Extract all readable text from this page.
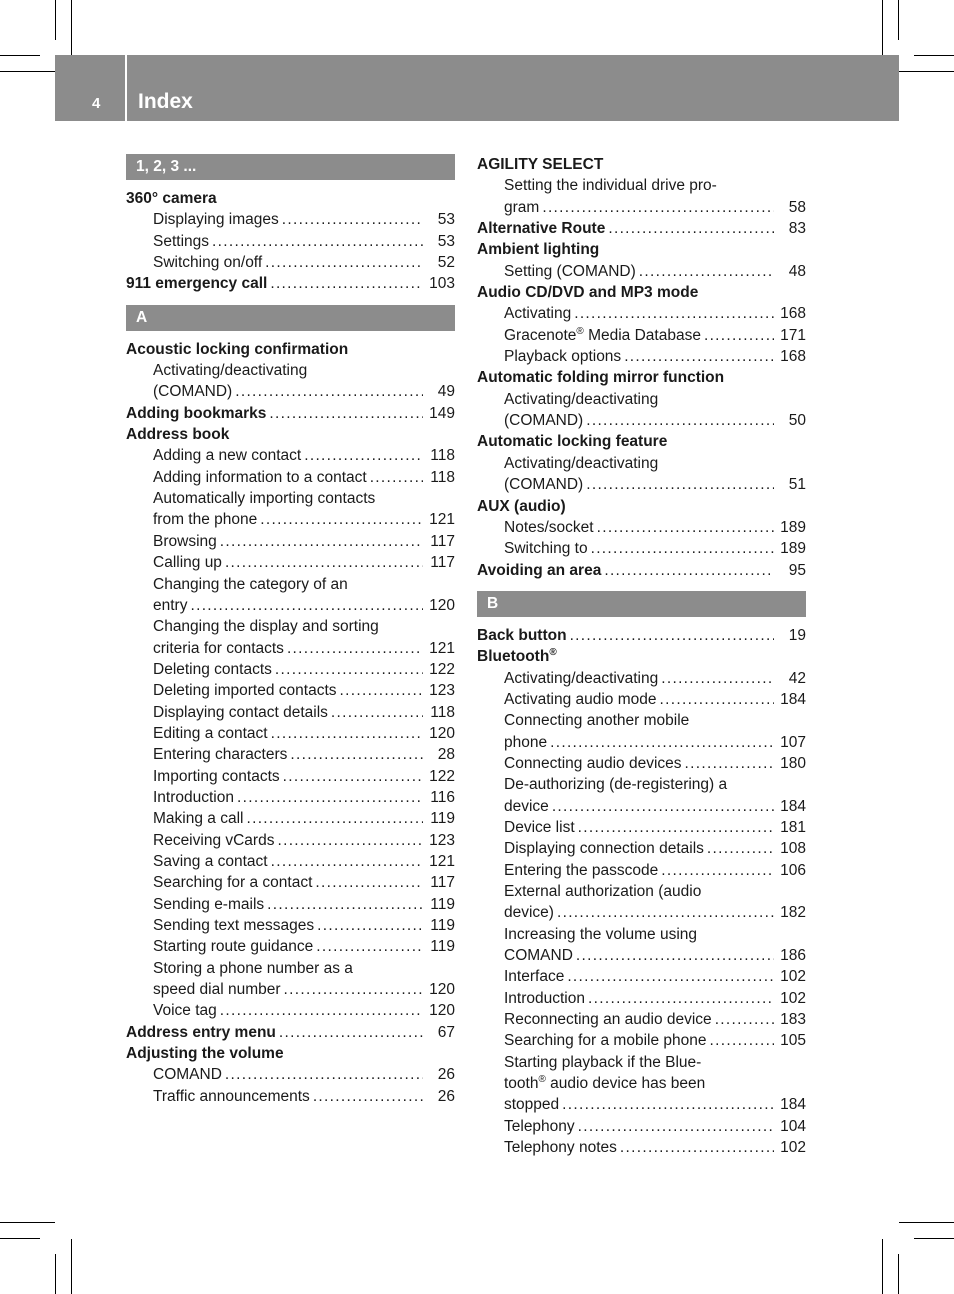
4 Index
1, 2, 3 ...
360° camera
Displaying images . . .	53
Settings . . .	53
Switching on/off . . .	52
911 emergency call . . .	103
A
Acoustic locking confirmation
Activating/deactivating
(COMAND) . . .	49
Adding bookmarks . . .	149
Address book
Adding a new contact . . .	118
Adding information to a contact . . .	118
Automatically importing contacts
from the phone . . .	121
Browsing . . .	117
Calling up . . .	117
Changing the category of an
entry . . .	120
Changing the display and sorting
criteria for contacts . . .	121
Deleting contacts . . .	122
Deleting imported contacts . . .	123
Displaying contact details . . .	118
Editing a contact . . .	120
Entering characters . . .	28
Importing contacts . . .	122
Introduction . . .	116
Making a call . . .	119
Receiving vCards . . .	123
Saving a contact . . .	121
Searching for a contact . . .	117
Sending e-mails . . .	119
Sending text messages . . .	119
Starting route guidance . . .	119
Storing a phone number as a
speed dial number . . .	120
Voice tag . . .	120
Address entry menu . . .	67
Adjusting the volume
COMAND . . .	26
Traffic announcements . . .	26
AGILITY SELECT
Setting the individual drive pro-
gram . . .	58
Alternative Route . . .	83
Ambient lighting
Setting (COMAND) . . .	48
Audio CD/DVD and MP3 mode
Activating . . .	168
Gracenote® Media Database . . .	171
Playback options . . .	168
Automatic folding mirror function
Activating/deactivating
(COMAND) . . .	50
Automatic locking feature
Activating/deactivating
(COMAND) . . .	51
AUX (audio)
Notes/socket . . .	189
Switching to . . .	189
Avoiding an area . . .	95
B
Back button . . .	19
Bluetooth®
Activating/deactivating . . .	42
Activating audio mode . . .	184
Connecting another mobile
phone . . .	107
Connecting audio devices . . .	180
De-authorizing (de-registering) a
device . . .	184
Device list . . .	181
Displaying connection details . . .	108
Entering the passcode . . .	106
External authorization (audio
device) . . .	182
Increasing the volume using
COMAND . . .	186
Interface . . .	102
Introduction . . .	102
Reconnecting an audio device . . .	183
Searching for a mobile phone . . .	105
Starting playback if the Blue-
tooth® audio device has been
stopped . . .	184
Telephony . . .	104
Telephony notes . . .	102
